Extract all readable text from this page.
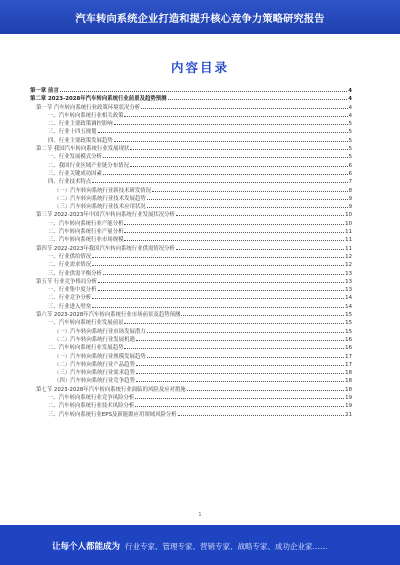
汽车转向系统企业打造和提升核心竞争力策略研究报告
内容目录
第一章 前言	4
第二章 2023-2028年汽车转向系统行业前景及趋势预测	4
第一节 汽车转向系统行业政策环境状况分析	4
一、汽车转向系统行业相关政策	4
二、行业主要政策调控影响	5
三、行业十四五规划	5
四、行业主要政策发展趋势	5
第二节 我国汽车转向系统行业发展现状	5
一、行业发展模式分析	5
二、我国行业区域产业链分布情况	6
三、行业关键成功因素	6
四、行业技术特点	7
（一）汽车转向系统行业新技术研发情况	8
（二）汽车转向系统行业技术发展趋势	9
（三）汽车转向系统行业技术应用状况	9
第三节 2022-2023年中国汽车转向系统行业发展状况分析	10
一、汽车转向系统行业产能分析	10
二、汽车转向系统行业产量分析	11
三、汽车转向系统行业市场规模	11
第四节 2022-2023年我国汽车转向系统行业供需情况分析	11
一、行业供给情况	12
二、行业需求情况	12
三、行业供需平衡分析	13
第五节 行业竞争格局分析	13
一、行业集中度分析	13
二、行业竞争分析	14
三、行业进入壁垒	14
第六节 2023-2028年汽车转向系统行业市场前景及趋势预测	15
一、汽车转向系统行业发展前景	15
（一）汽车转向系统行业市场发展潜力	15
（二）汽车转向系统行业发展机遇	16
二、汽车转向系统行业发展趋势	16
（一）汽车转向系统行业规模发展趋势	17
（二）汽车转向系统行业产品趋势	17
（三）汽车转向系统行业需求趋势	18
（四）汽车转向系统行业竞争趋势	18
第七节 2023-2028年汽车转向系统行业面临的风险及应对措施	18
一、汽车转向系统行业竞争风险分析	19
二、汽车转向系统行业技术风险分析	19
三、汽车转向系统行业EPS及新能源应用领域风险分析	21
1
让每个人都能成为 行业专家、管理专家、营销专家、战略专家、成功企业家……
